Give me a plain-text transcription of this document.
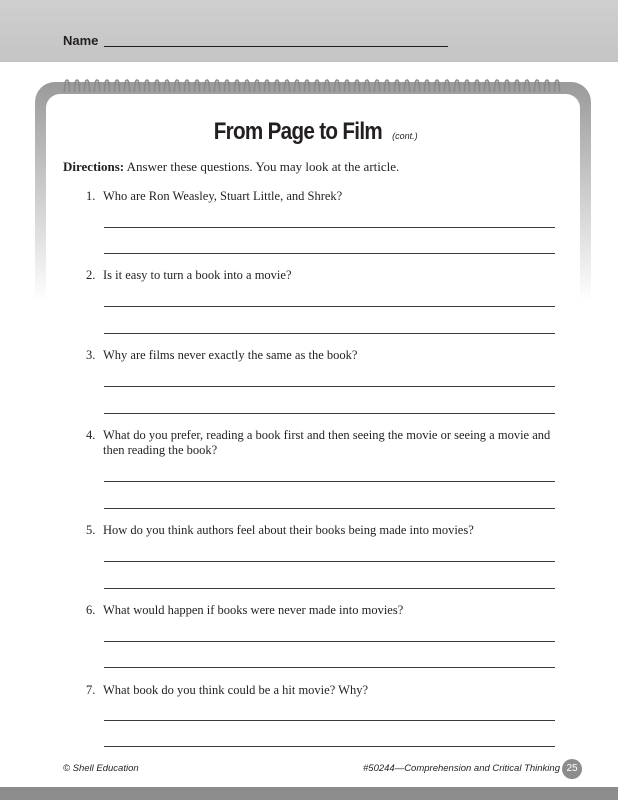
Name
From Page to Film (cont.)
Directions: Answer these questions. You may look at the article.
1. Who are Ron Weasley, Stuart Little, and Shrek?
2. Is it easy to turn a book into a movie?
3. Why are films never exactly the same as the book?
4. What do you prefer, reading a book first and then seeing the movie or seeing a movie and then reading the book?
5. How do you think authors feel about their books being made into movies?
6. What would happen if books were never made into movies?
7. What book do you think could be a hit movie? Why?
© Shell Education	#50244—Comprehension and Critical Thinking 25
